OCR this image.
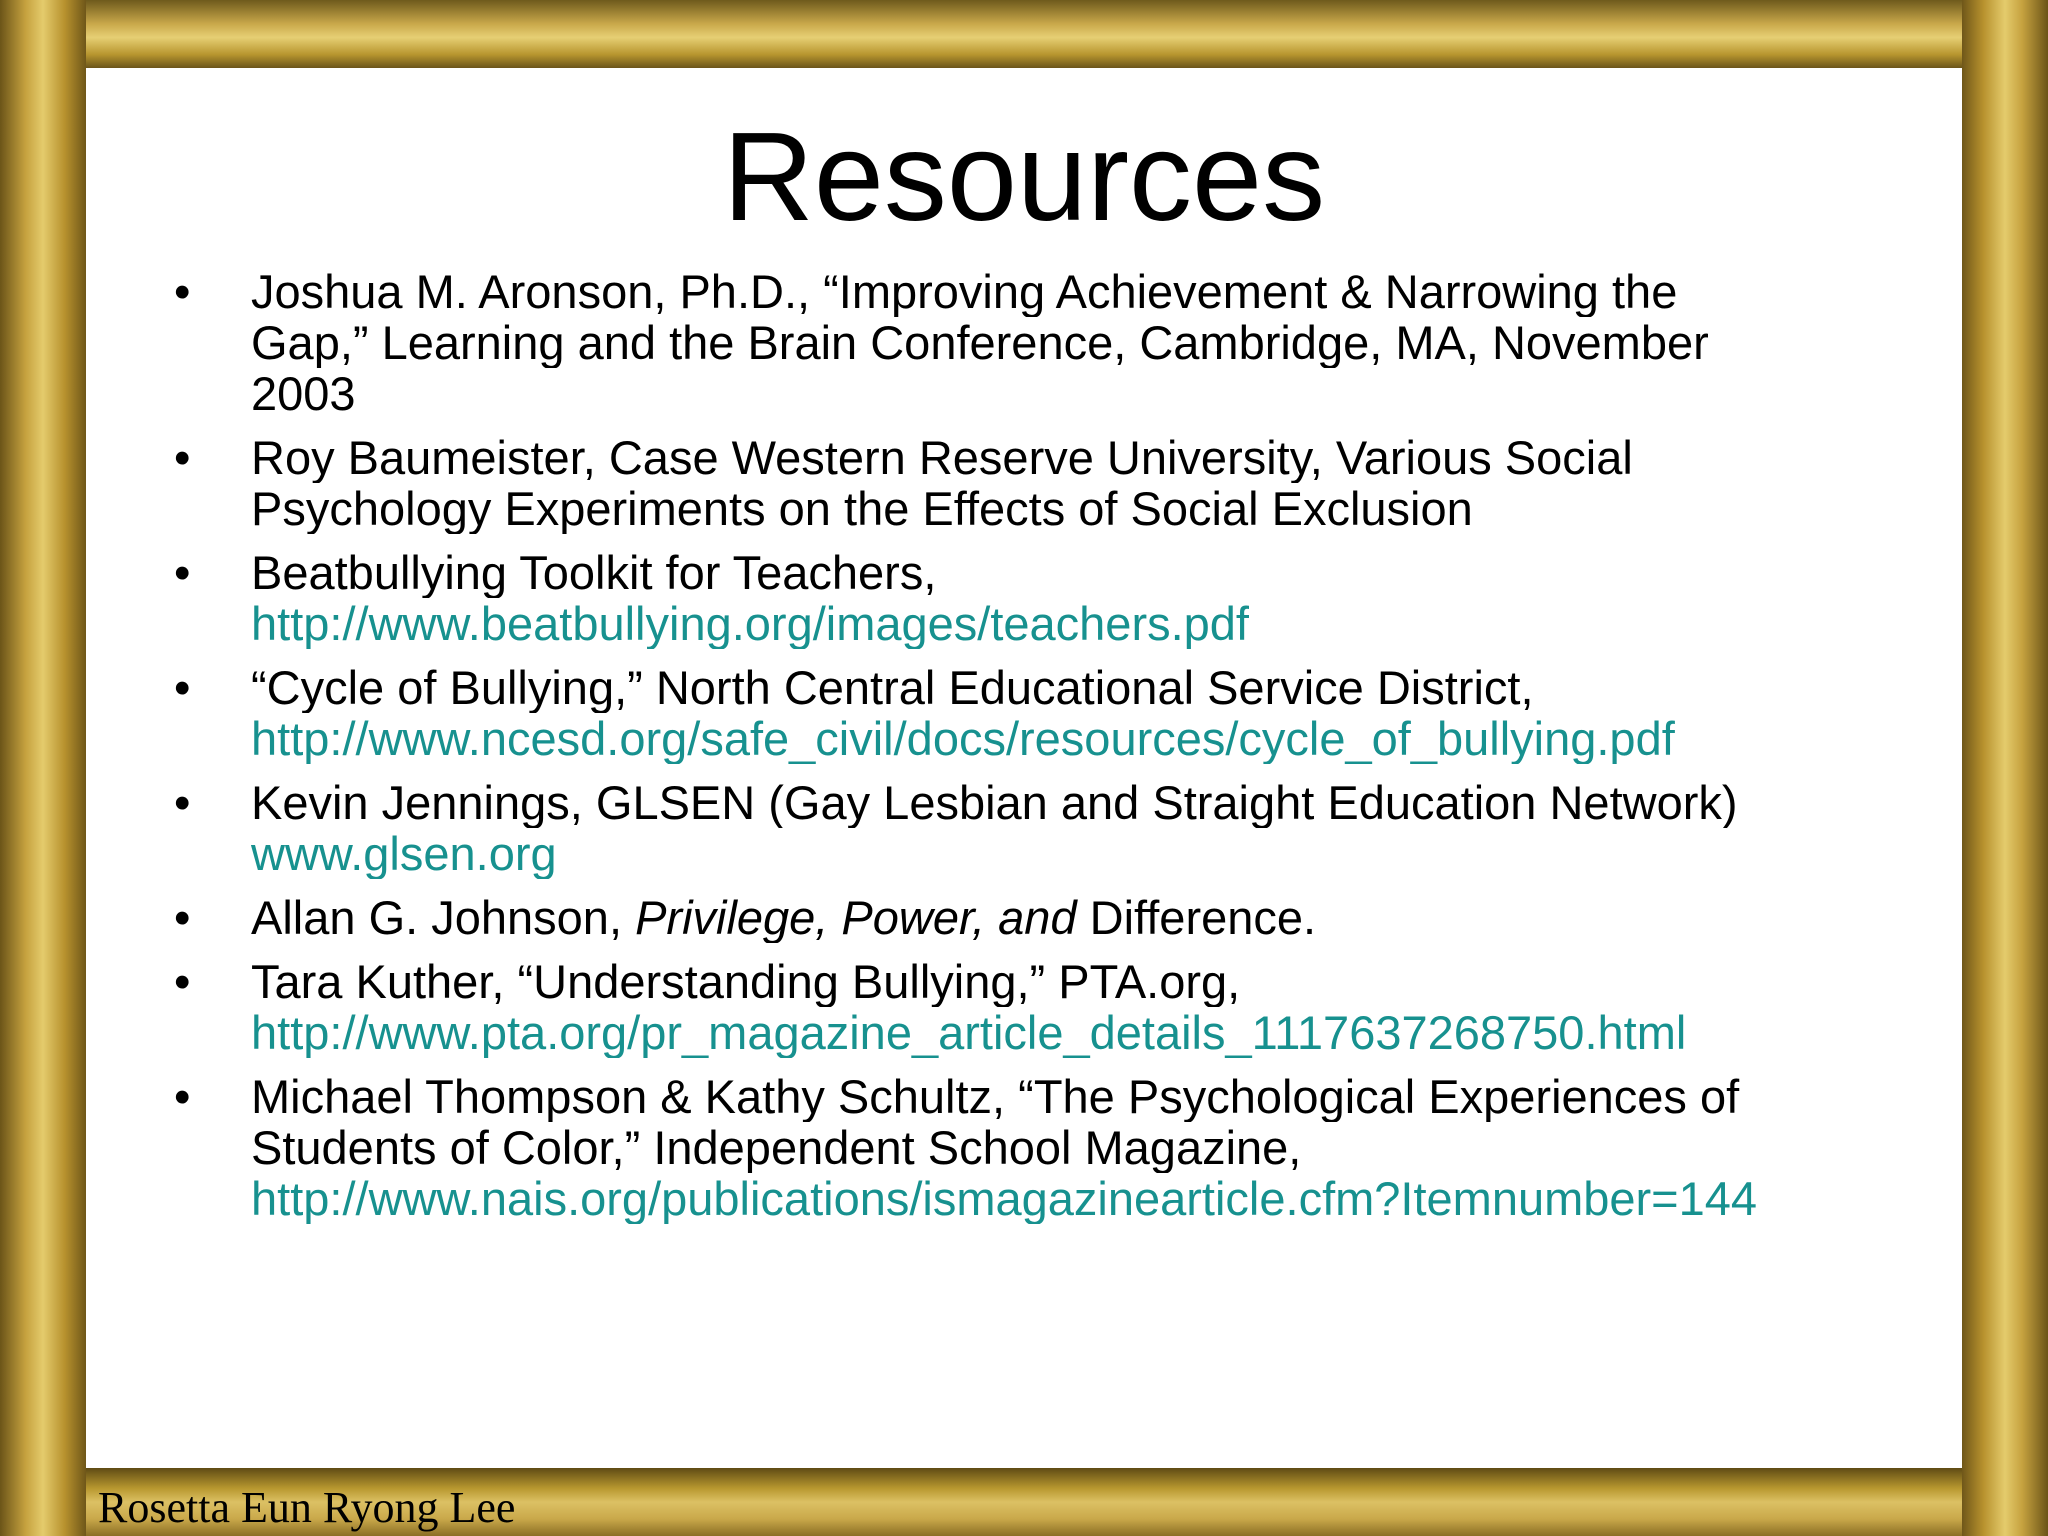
Resources
• Joshua M. Aronson, Ph.D., “Improving Achievement & Narrowing the
Gap,” Learning and the Brain Conference, Cambridge, MA, November
2003
• Roy Baumeister, Case Western Reserve University, Various Social
Psychology Experiments on the Effects of Social Exclusion
• Beatbullying Toolkit for Teachers,
http://www.beatbullying.org/images/teachers.pdf
• “Cycle of Bullying,” North Central Educational Service District,
http://www.ncesd.org/safe_civil/docs/resources/cycle_of_bullying.pdf
• Kevin Jennings, GLSEN (Gay Lesbian and Straight Education Network)
www.glsen.org
• Allan G. Johnson, Privilege, Power, and Difference.
• Tara Kuther, “Understanding Bullying,” PTA.org,
http://www.pta.org/pr_magazine_article_details_1117637268750.html
• Michael Thompson & Kathy Schultz, “The Psychological Experiences of
Students of Color,” Independent School Magazine,
http://www.nais.org/publications/ismagazinearticle.cfm?Itemnumber=144
Rosetta Eun Ryong Lee
